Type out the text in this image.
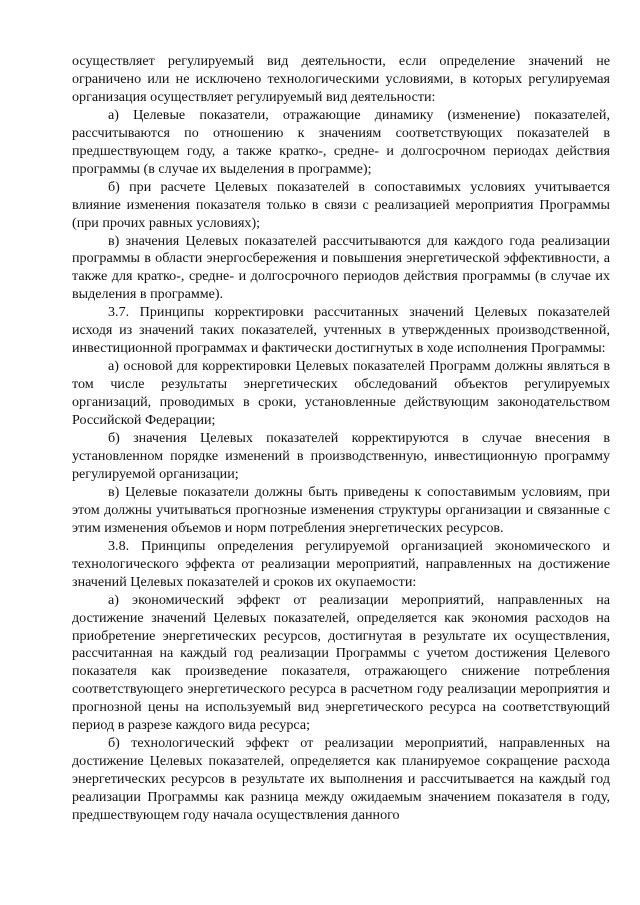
осуществляет регулируемый вид деятельности, если определение значений не ограничено или не исключено технологическими условиями, в которых регулируемая организация осуществляет регулируемый вид деятельности:

а) Целевые показатели, отражающие динамику (изменение) показателей, рассчитываются по отношению к значениям соответствующих показателей в предшествующем году, а также кратко-, средне- и долгосрочном периодах действия программы (в случае их выделения в программе);

б) при расчете Целевых показателей в сопоставимых условиях учитывается влияние изменения показателя только в связи с реализацией мероприятия Программы (при прочих равных условиях);

в) значения Целевых показателей рассчитываются для каждого года реализации программы в области энергосбережения и повышения энергетической эффективности, а также для кратко-, средне- и долгосрочного периодов действия программы (в случае их выделения в программе).

3.7. Принципы корректировки рассчитанных значений Целевых показателей исходя из значений таких показателей, учтенных в утвержденных производственной, инвестиционной программах и фактически достигнутых в ходе исполнения Программы:

а) основой для корректировки Целевых показателей Программ должны являться в том числе результаты энергетических обследований объектов регулируемых организаций, проводимых в сроки, установленные действующим законодательством Российской Федерации;

б) значения Целевых показателей корректируются в случае внесения в установленном порядке изменений в производственную, инвестиционную программу регулируемой организации;

в) Целевые показатели должны быть приведены к сопоставимым условиям, при этом должны учитываться прогнозные изменения структуры организации и связанные с этим изменения объемов и норм потребления энергетических ресурсов.

3.8. Принципы определения регулируемой организацией экономического и технологического эффекта от реализации мероприятий, направленных на достижение значений Целевых показателей и сроков их окупаемости:

а) экономический эффект от реализации мероприятий, направленных на достижение значений Целевых показателей, определяется как экономия расходов на приобретение энергетических ресурсов, достигнутая в результате их осуществления, рассчитанная на каждый год реализации Программы с учетом достижения Целевого показателя как произведение показателя, отражающего снижение потребления соответствующего энергетического ресурса в расчетном году реализации мероприятия и прогнозной цены на используемый вид энергетического ресурса на соответствующий период в разрезе каждого вида ресурса;

б) технологический эффект от реализации мероприятий, направленных на достижение Целевых показателей, определяется как планируемое сокращение расхода энергетических ресурсов в результате их выполнения и рассчитывается на каждый год реализации Программы как разница между ожидаемым значением показателя в году, предшествующем году начала осуществления данного
